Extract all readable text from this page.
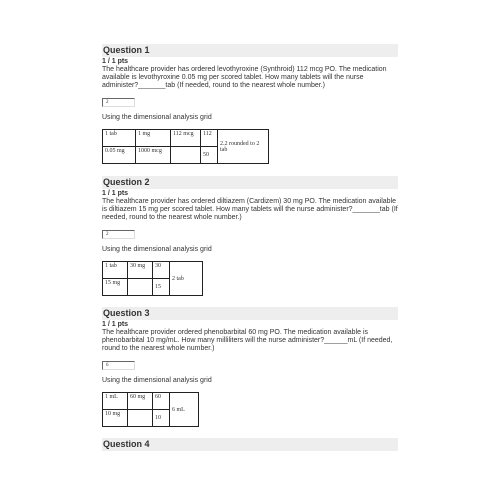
Question 1
1 / 1 pts
The healthcare provider has ordered levothyroxine (Synthroid) 112 mcg PO. The medication available is levothyroxine 0.05 mg per scored tablet. How many tablets will the nurse administer?_______tab (If needed, round to the nearest whole number.)
2
Using the dimensional analysis grid
1 tab	1 mg	112 mcg	112	2.2 rounded to 2 tab
0.05 mg	1000 mcg		50	
Question 2
1 / 1 pts
The healthcare provider has ordered diltiazem (Cardizem) 30 mg PO. The medication available is diltiazem 15 mg per scored tablet. How many tablets will the nurse administer?_______tab (If needed, round to the nearest whole number.)
2
Using the dimensional analysis grid
1 tab	30 mg	30	2 tab
15 mg		15	
Question 3
1 / 1 pts
The healthcare provider ordered phenobarbital 60 mg PO. The medication available is phenobarbital 10 mg/mL. How many milliliters will the nurse administer?______mL (If needed, round to the nearest whole number.)
6
Using the dimensional analysis grid
1 mL	60 mg	60	6 mL
10 mg		10	
Question 4
